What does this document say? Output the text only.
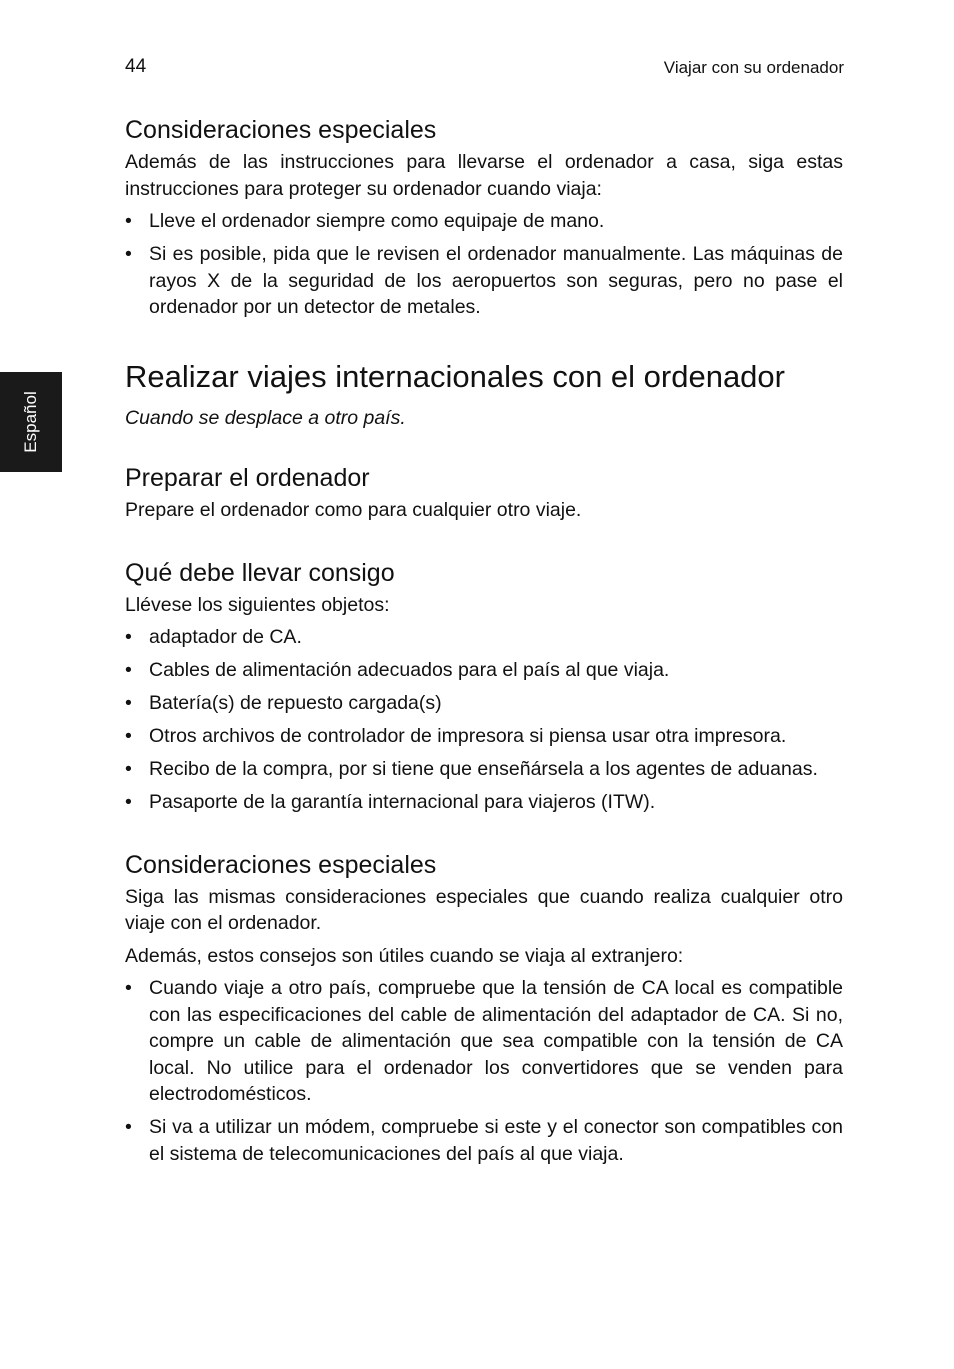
44	Viajar con su ordenador
Español
Consideraciones especiales

Además de las instrucciones para llevarse el ordenador a casa, siga estas instrucciones para proteger su ordenador cuando viaja:

• Lleve el ordenador siempre como equipaje de mano.
• Si es posible, pida que le revisen el ordenador manualmente. Las máquinas de rayos X de la seguridad de los aeropuertos son seguras, pero no pase el ordenador por un detector de metales.
Realizar viajes internacionales con el ordenador

Cuando se desplace a otro país.

Preparar el ordenador

Prepare el ordenador como para cualquier otro viaje.

Qué debe llevar consigo

Llévese los siguientes objetos:

• adaptador de CA.
• Cables de alimentación adecuados para el país al que viaja.
• Batería(s) de repuesto cargada(s)
• Otros archivos de controlador de impresora si piensa usar otra impresora.
• Recibo de la compra, por si tiene que enseñársela a los agentes de aduanas.
• Pasaporte de la garantía internacional para viajeros (ITW).
Consideraciones especiales

Siga las mismas consideraciones especiales que cuando realiza cualquier otro viaje con el ordenador.

Además, estos consejos son útiles cuando se viaja al extranjero:

• Cuando viaje a otro país, compruebe que la tensión de CA local es compatible con las especificaciones del cable de alimentación del adaptador de CA. Si no, compre un cable de alimentación que sea compatible con la tensión de CA local. No utilice para el ordenador los convertidores que se venden para electrodomésticos.
• Si va a utilizar un módem, compruebe si este y el conector son compatibles con el sistema de telecomunicaciones del país al que viaja.
